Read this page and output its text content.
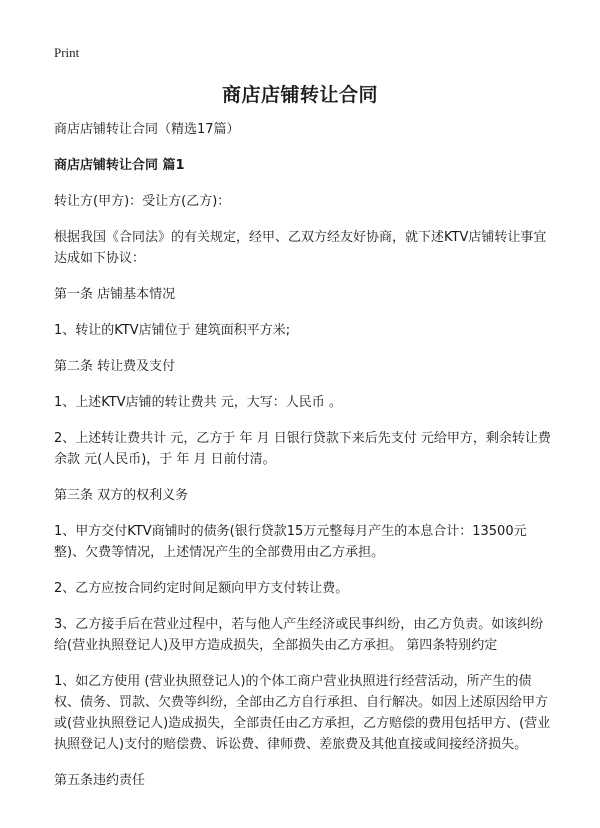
Print
商店店铺转让合同

商店店铺转让合同（精选17篇）

商店店铺转让合同 篇1

转让方(甲方)：受让方(乙方)：

根据我国《合同法》的有关规定，经甲、乙双方经友好协商，就下述KTV店铺转让事宜达成如下协议：

第一条 店铺基本情况

1、转让的KTV店铺位于 建筑面积平方米;

第二条 转让费及支付

1、上述KTV店铺的转让费共 元，大写：人民币 。

2、上述转让费共计 元，乙方于 年 月 日银行贷款下来后先支付 元给甲方，剩余转让费余款 元(人民币)，于 年 月 日前付清。

第三条 双方的权利义务

1、甲方交付KTV商铺时的债务(银行贷款15万元整每月产生的本息合计：13500元整)、欠费等情况，上述情况产生的全部费用由乙方承担。

2、乙方应按合同约定时间足额向甲方支付转让费。

3、乙方接手后在营业过程中，若与他人产生经济或民事纠纷，由乙方负责。如该纠纷给(营业执照登记人)及甲方造成损失，全部损失由乙方承担。 第四条特别约定

1、如乙方使用 (营业执照登记人)的个体工商户营业执照进行经营活动，所产生的债权、债务、罚款、欠费等纠纷，全部由乙方自行承担、自行解决。如因上述原因给甲方或(营业执照登记人)造成损失，全部责任由乙方承担，乙方赔偿的费用包括甲方、(营业执照登记人)支付的赔偿费、诉讼费、律师费、差旅费及其他直接或间接经济损失。

第五条违约责任
